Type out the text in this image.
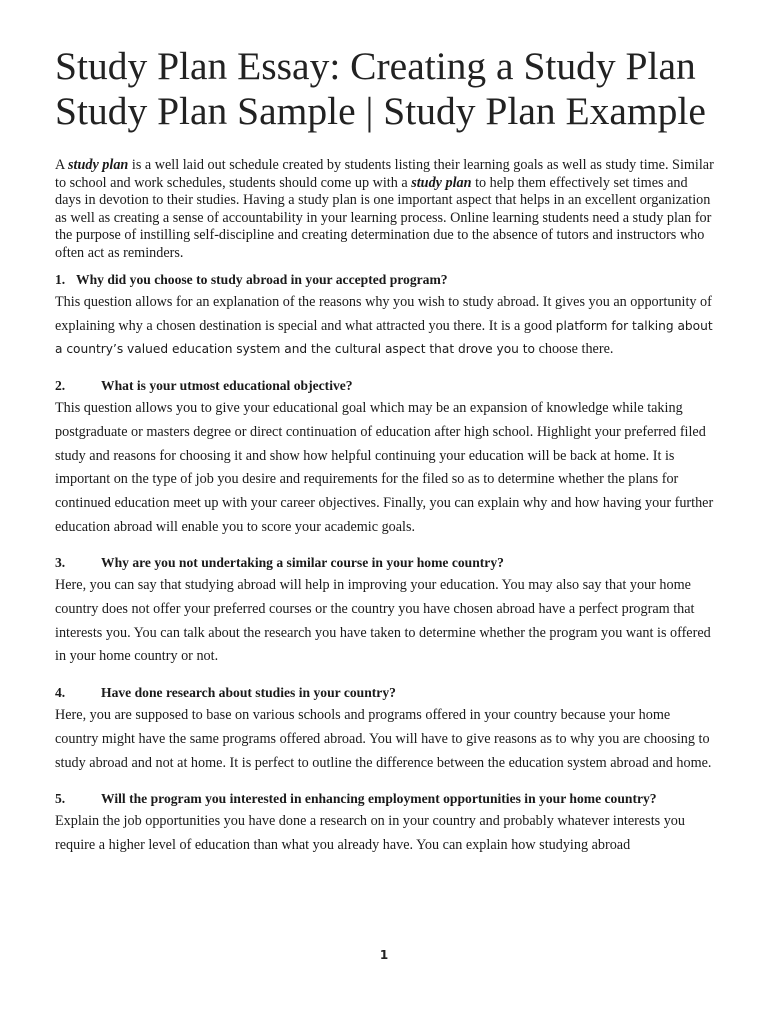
Study Plan Essay: Creating a Study Plan Study Plan Sample | Study Plan Example

A study plan is a well laid out schedule created by students listing their learning goals as well as study time. Similar to school and work schedules, students should come up with a study plan to help them effectively set times and days in devotion to their studies. Having a study plan is one important aspect that helps in an excellent organization as well as creating a sense of accountability in your learning process. Online learning students need a study plan for the purpose of instilling self-discipline and creating determination due to the absence of tutors and instructors who often act as reminders.

1. Why did you choose to study abroad in your accepted program?

This question allows for an explanation of the reasons why you wish to study abroad. It gives you an opportunity of explaining why a chosen destination is special and what attracted you there. It is a good platform for talking about a country’s valued education system and the cultural aspect that drove you to choose there.

2.	What is your utmost educational objective?

This question allows you to give your educational goal which may be an expansion of knowledge while taking postgraduate or masters degree or direct continuation of education after high school. Highlight your preferred filed study and reasons for choosing it and show how helpful continuing your education will be back at home. It is important on the type of job you desire and requirements for the filed so as to determine whether the plans for continued education meet up with your career objectives. Finally, you can explain why and how having your further education abroad will enable you to score your academic goals.

3.	Why are you not undertaking a similar course in your home country?

Here, you can say that studying abroad will help in improving your education. You may also say that your home country does not offer your preferred courses or the country you have chosen abroad have a perfect program that interests you. You can talk about the research you have taken to determine whether the program you want is offered in your home country or not.

4.	Have done research about studies in your country?

Here, you are supposed to base on various schools and programs offered in your country because your home country might have the same programs offered abroad. You will have to give reasons as to why you are choosing to study abroad and not at home. It is perfect to outline the difference between the education system abroad and home.

5.	Will the program you interested in enhancing employment opportunities in your home country?

Explain the job opportunities you have done a research on in your country and probably whatever interests you require a higher level of education than what you already have. You can explain how studying abroad

1
